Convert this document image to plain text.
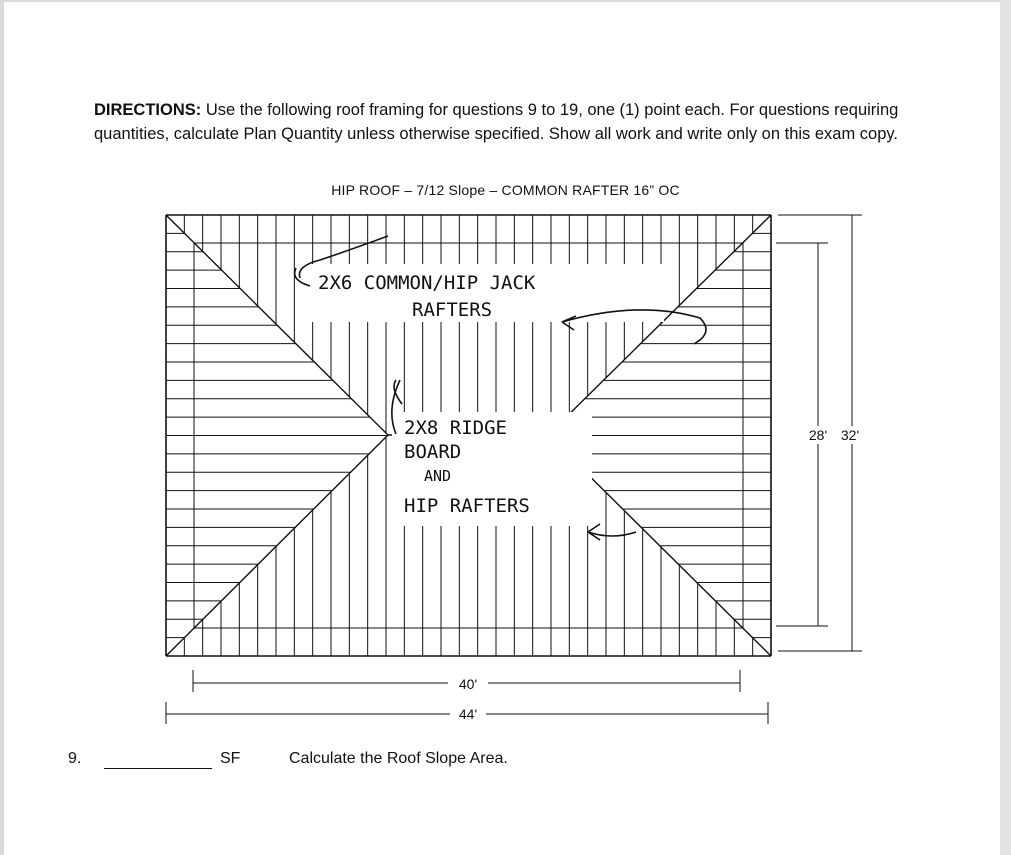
DIRECTIONS: Use the following roof framing for questions 9 to 19, one (1) point each. For questions requiring quantities, calculate Plan Quantity unless otherwise specified. Show all work and write only on this exam copy.
HIP ROOF – 7/12 Slope – COMMON RAFTER 16” OC
40'
44'
28' 32'
2X6 COMMON/HIP JACK
RAFTERS
2X8 RIDGE
BOARD
AND
HIP RAFTERS
9.	SF	Calculate the Roof Slope Area.
